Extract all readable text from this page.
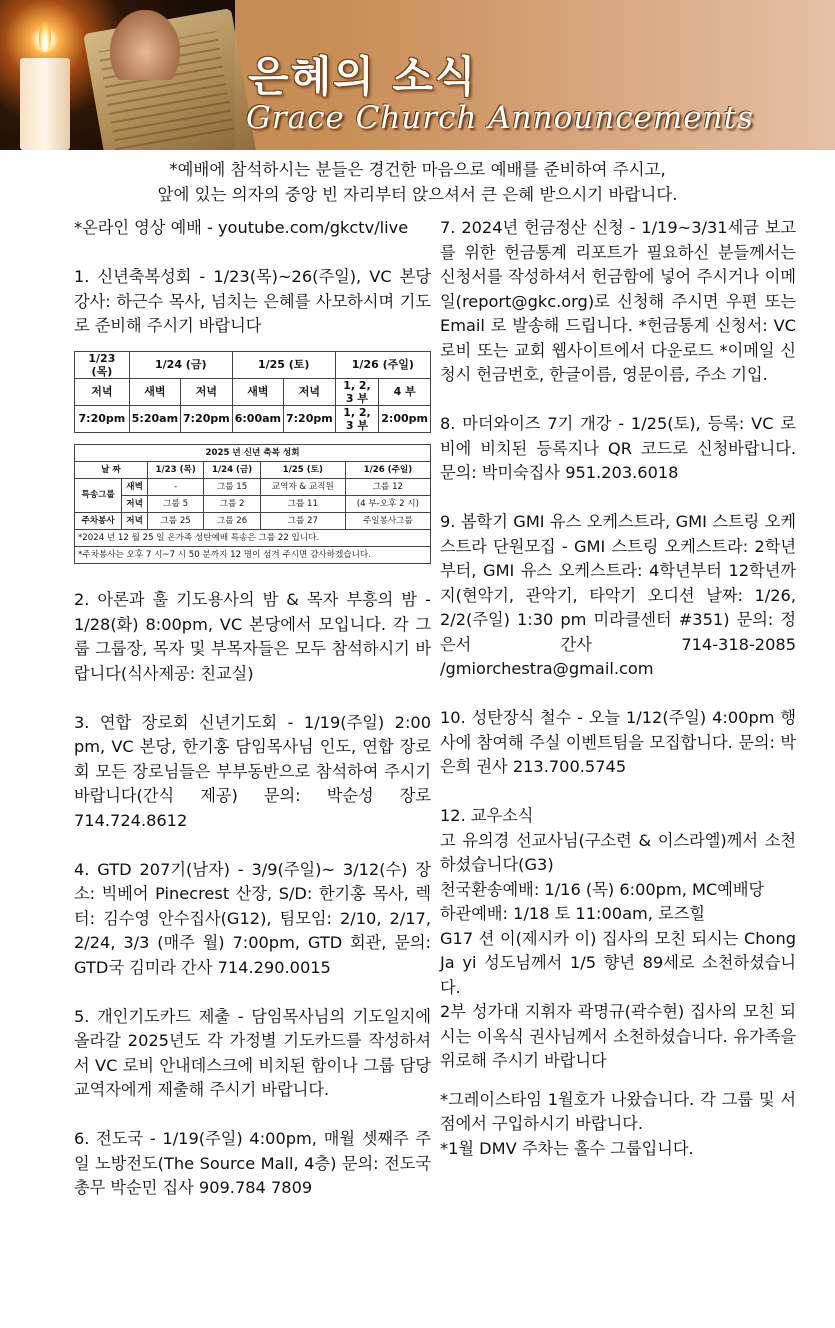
은혜의 소식
Grace Church Announcements
*예배에 참석하시는 분들은 경건한 마음으로 예배를 준비하여 주시고,
앞에 있는 의자의 중앙 빈 자리부터 앉으셔서 큰 은혜 받으시기 바랍니다.

*온라인 영상 예배 - youtube.com/gkctv/live

1. 신년축복성회 - 1/23(목)~26(주일), VC 본당 강사: 하근수 목사, 넘치는 은혜를 사모하시며 기도로 준비해 주시기 바랍니다

1/23 (목)	1/24 (금)		1/25 (토)		1/26 (주일)	
저녁	새벽	저녁	새벽	저녁	1, 2, 3 부	4 부
7:20pm	5:20am	7:20pm	6:00am	7:20pm	1, 2, 3 부	2:00pm
2025 년 신년 축복 성회					
날 짜		1/23 (목)	1/24 (금)	1/25 (토)	1/26 (주일)
특송그룹	새벽	-	그룹 15	교역자 & 교직원	그룹 12
	저녁	그룹 5	그룹 2	그룹 11	(4 부-오후 2 시)
주차봉사	저녁	그룹 25	그룹 26	그룹 27	주일봉사그룹
*2024 년 12 월 25 일 온가족 성탄예배 특송은 그룹 22 입니다.					
*주차봉사는 오후 7 시~7 시 50 분까지 12 명이 섬겨 주시면 감사하겠습니다.					

2. 아론과 훌 기도용사의 밤 & 목자 부흥의 밤 - 1/28(화) 8:00pm, VC 본당에서 모입니다. 각 그룹 그룹장, 목자 및 부목자들은 모두 참석하시기 바랍니다(식사제공: 친교실)

3. 연합 장로회 신년기도회 - 1/19(주일) 2:00 pm, VC 본당, 한기홍 담임목사님 인도, 연합 장로회 모든 장로님들은 부부동반으로 참석하여 주시기 바랍니다(간식 제공) 문의: 박순성 장로 714.724.8612

4. GTD 207기(남자) - 3/9(주일)~ 3/12(수) 장소: 빅베어 Pinecrest 산장, S/D: 한기홍 목사, 렉터: 김수영 안수집사(G12), 팀모임: 2/10, 2/17, 2/24, 3/3 (매주 월) 7:00pm, GTD 회관, 문의: GTD국 김미라 간사 714.290.0015

5. 개인기도카드 제출 - 담임목사님의 기도일지에 올라갈 2025년도 각 가정별 기도카드를 작성하셔서 VC 로비 안내데스크에 비치된 함이나 그룹 담당교역자에게 제출해 주시기 바랍니다.

6. 전도국 - 1/19(주일) 4:00pm, 매월 셋째주 주일 노방전도(The Source Mall, 4층) 문의: 전도국 총무 박순민 집사 909.784 7809

7. 2024년 헌금정산 신청 - 1/19~3/31세금 보고를 위한 헌금통계 리포트가 필요하신 분들께서는 신청서를 작성하셔서 헌금함에 넣어 주시거나 이메일(report@gkc.org)로 신청해 주시면 우편 또는 Email 로 발송해 드립니다. *헌금통계 신청서: VC 로비 또는 교회 웹사이트에서 다운로드 *이메일 신청시 헌금번호, 한글이름, 영문이름, 주소 기입.

8. 마더와이즈 7기 개강 - 1/25(토), 등록: VC 로비에 비치된 등록지나 QR 코드로 신청바랍니다. 문의: 박미숙집사 951.203.6018

9. 봄학기 GMI 유스 오케스트라, GMI 스트링 오케스트라 단원모집 - GMI 스트링 오케스트라: 2학년 부터, GMI 유스 오케스트라: 4학년부터 12학년까지(현악기, 관악기, 타악기 오디션 날짜: 1/26, 2/2(주일) 1:30 pm 미라클센터 #351) 문의: 정은서 간사 714-318-2085 /gmiorchestra@gmail.com

10. 성탄장식 철수 - 오늘 1/12(주일) 4:00pm 행사에 참여해 주실 이벤트팀을 모집합니다. 문의: 박은희 권사 213.700.5745

12. 교우소식

고 유의경 선교사님(구소련 & 이스라엘)께서 소천하셨습니다(G3)

천국환송예배: 1/16 (목) 6:00pm, MC예배당

하관예배: 1/18 토 11:00am, 로즈힐

G17 션 이(제시카 이) 집사의 모친 되시는 Chong Ja yi 성도님께서 1/5 향년 89세로 소천하셨습니다.

2부 성가대 지휘자 곽명규(곽수현) 집사의 모친 되시는 이옥식 권사님께서 소천하셨습니다. 유가족을 위로해 주시기 바랍니다

*그레이스타임 1월호가 나왔습니다. 각 그룹 및 서점에서 구입하시기 바랍니다.

*1월 DMV 주차는 홀수 그룹입니다.
